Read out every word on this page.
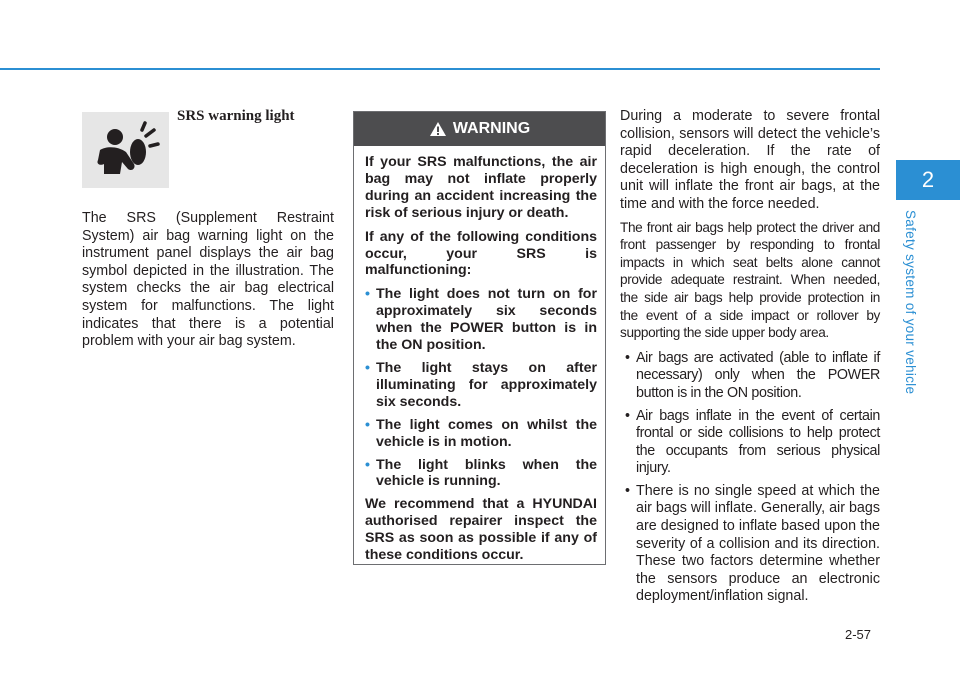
SRS warning light

The SRS (Supplement Restraint System) air bag warning light on the instrument panel displays the air bag symbol depicted in the illustration. The system checks the air bag electrical system for malfunctions. The light indicates that there is a potential problem with your air bag system.

WARNING

If your SRS malfunctions, the air bag may not inflate properly during an accident increasing the risk of serious injury or death.

If any of the following conditions occur, your SRS is malfunctioning:

• The light does not turn on for approximately six seconds when the POWER button is in the ON position.
• The light stays on after illuminating for approximately six seconds.
• The light comes on whilst the vehicle is in motion.
• The light blinks when the vehicle is running.

We recommend that a HYUNDAI authorised repairer inspect the SRS as soon as possible if any of these conditions occur.

During a moderate to severe frontal collision, sensors will detect the vehicle’s rapid deceleration. If the rate of deceleration is high enough, the control unit will inflate the front air bags, at the time and with the force needed.

The front air bags help protect the driver and front passenger by responding to frontal impacts in which seat belts alone cannot provide adequate restraint. When needed, the side air bags help provide protection in the event of a side impact or rollover by supporting the side upper body area.

• Air bags are activated (able to inflate if necessary) only when the POWER button is in the ON position.
• Air bags inflate in the event of certain frontal or side collisions to help protect the occupants from serious physical injury.
• There is no single speed at which the air bags will inflate. Generally, air bags are designed to inflate based upon the severity of a collision and its direction. These two factors determine whether the sensors produce an electronic deployment/inflation signal.
2
Safety system of your vehicle
2-57
